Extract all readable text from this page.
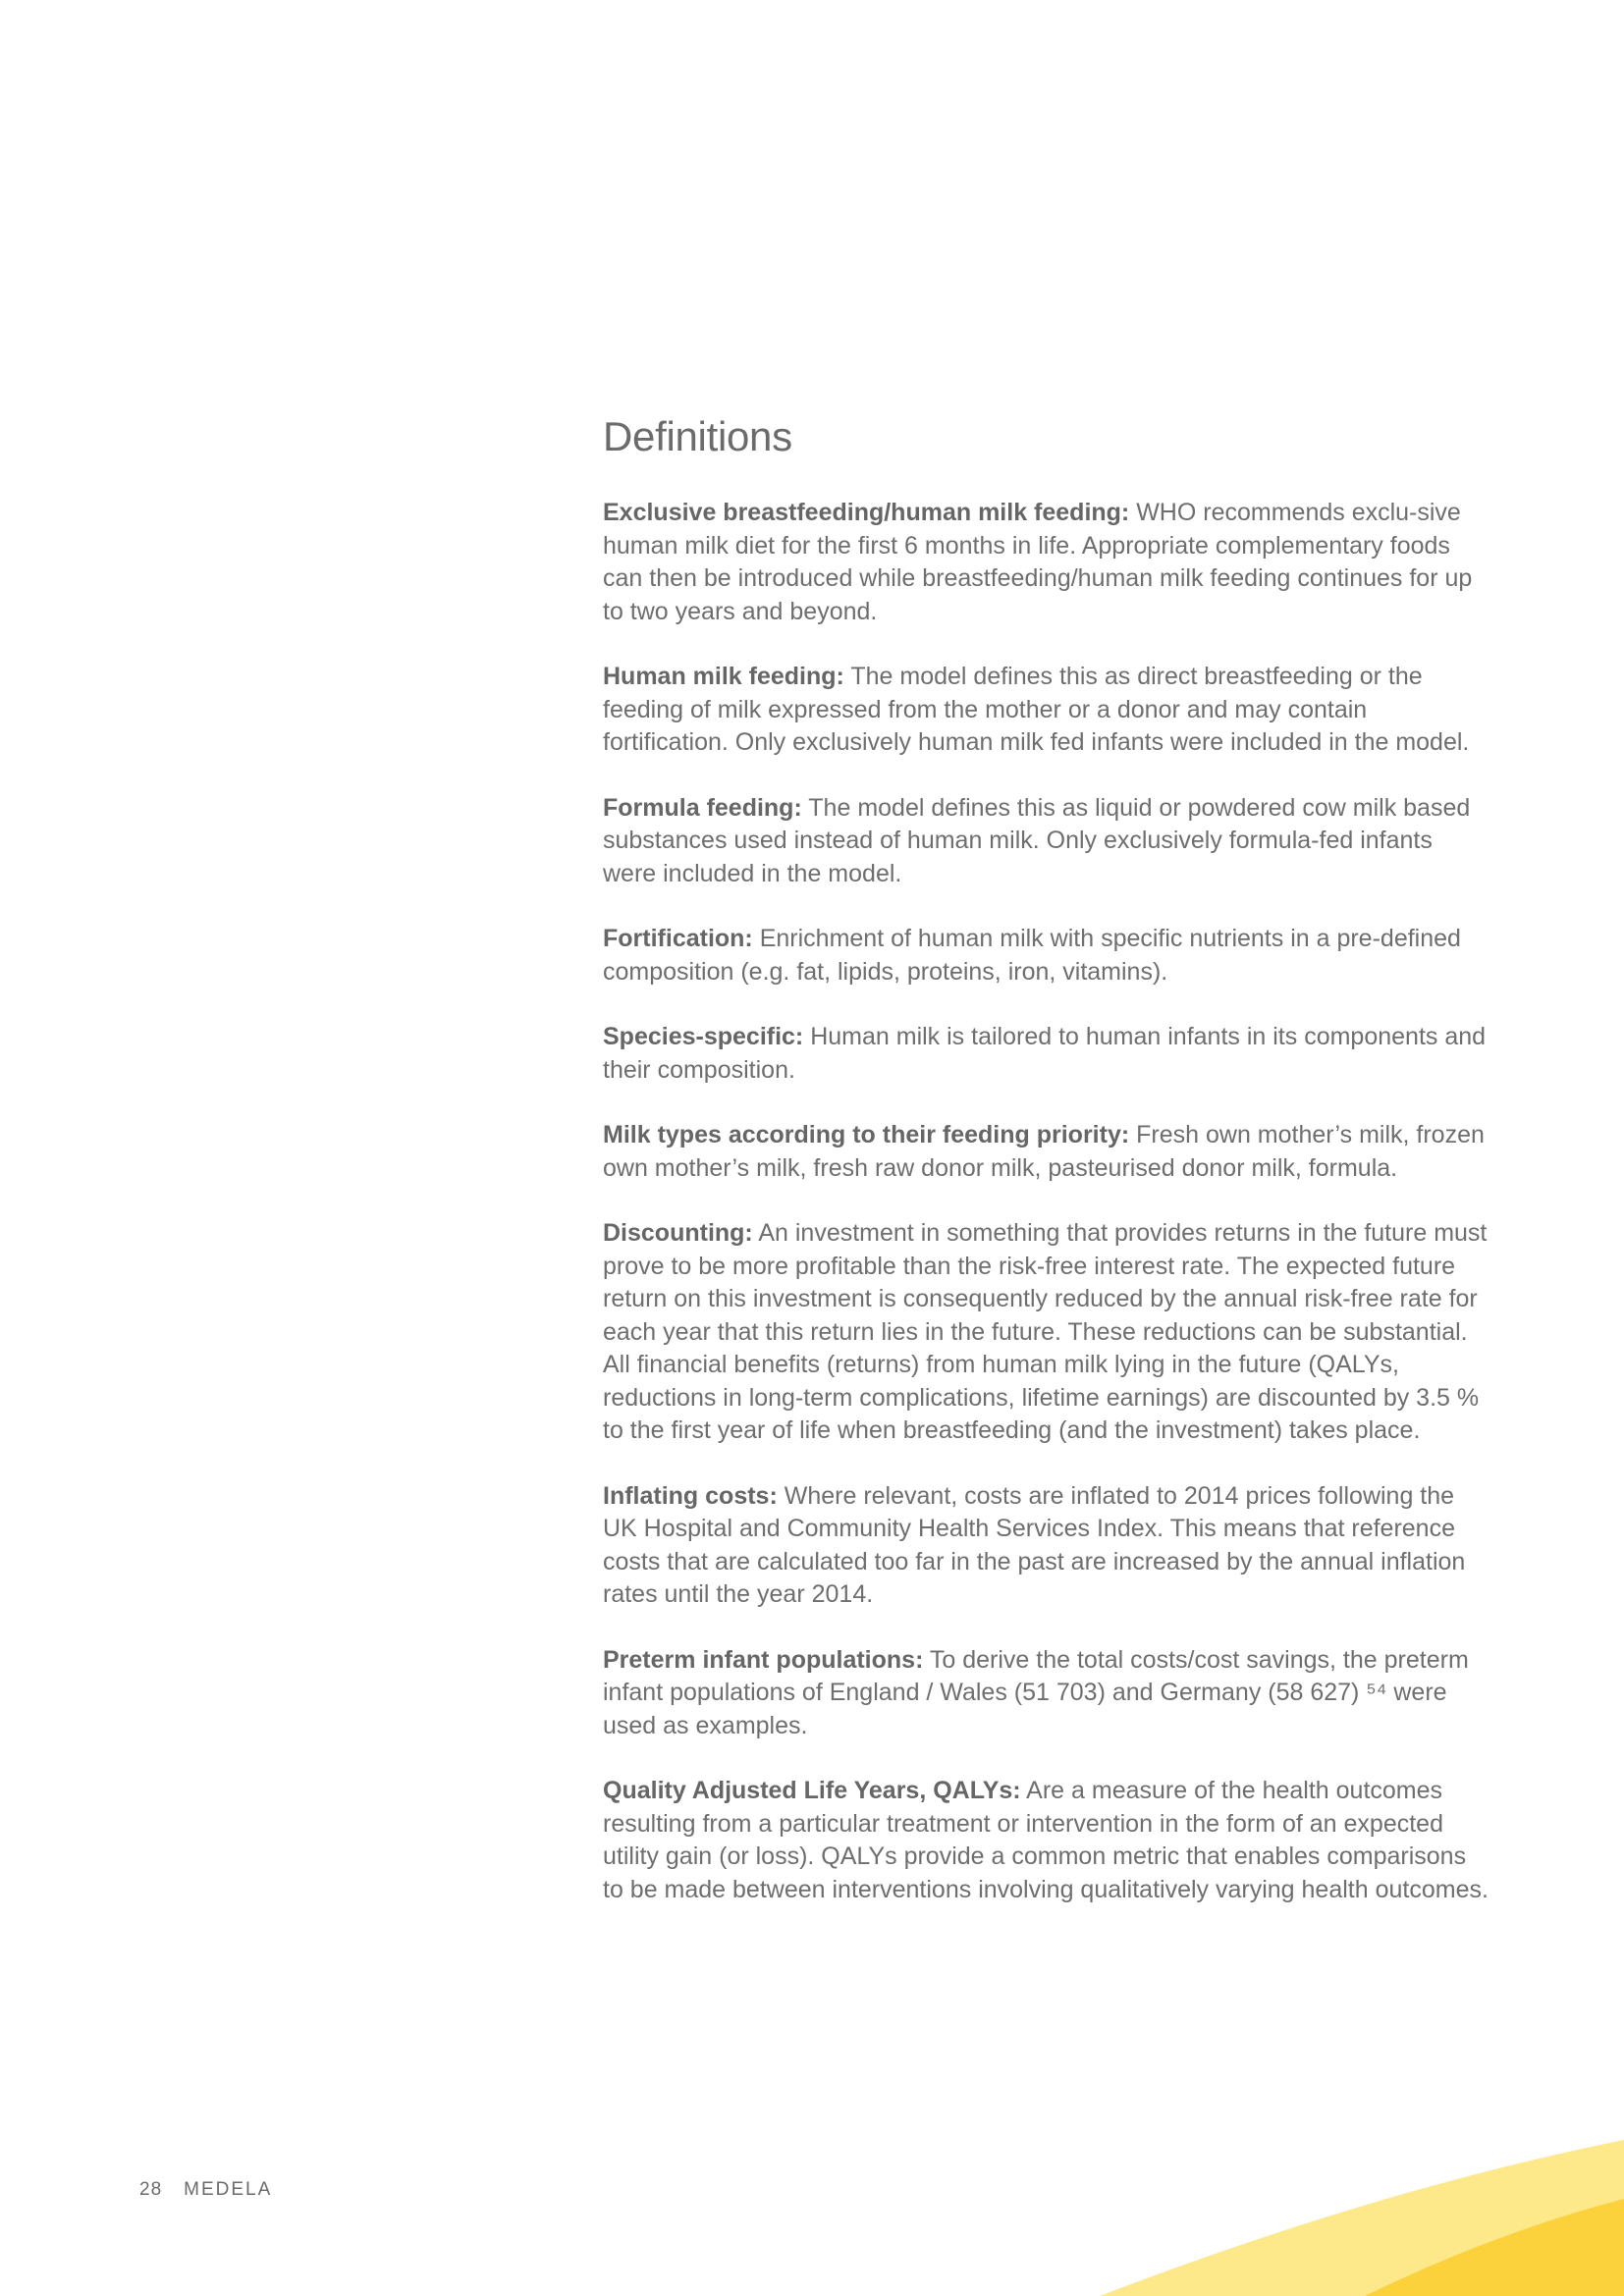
Definitions

Exclusive breastfeeding/human milk feeding: WHO recommends exclu-sive human milk diet for the first 6 months in life. Appropriate complementary foods can then be introduced while breastfeeding/human milk feeding continues for up to two years and beyond.

Human milk feeding: The model defines this as direct breastfeeding or the feeding of milk expressed from the mother or a donor and may contain fortification. Only exclusively human milk fed infants were included in the model.

Formula feeding: The model defines this as liquid or powdered cow milk based substances used instead of human milk. Only exclusively formula-fed infants were included in the model.

Fortification: Enrichment of human milk with specific nutrients in a pre-defined composition (e.g. fat, lipids, proteins, iron, vitamins).

Species-specific: Human milk is tailored to human infants in its components and their composition.

Milk types according to their feeding priority: Fresh own mother’s milk, frozen own mother’s milk, fresh raw donor milk, pasteurised donor milk, formula.

Discounting: An investment in something that provides returns in the future must prove to be more profitable than the risk-free interest rate. The expected future return on this investment is consequently reduced by the annual risk-free rate for each year that this return lies in the future. These reductions can be substantial. All financial benefits (returns) from human milk lying in the future (QALYs, reductions in long-term complications, lifetime earnings) are discounted by 3.5 % to the first year of life when breastfeeding (and the investment) takes place.

Inflating costs: Where relevant, costs are inflated to 2014 prices following the UK Hospital and Community Health Services Index. This means that reference costs that are calculated too far in the past are increased by the annual inflation rates until the year 2014.

Preterm infant populations: To derive the total costs/cost savings, the preterm infant populations of England / Wales (51 703) and Germany (58 627) ⁵⁴ were used as examples.

Quality Adjusted Life Years, QALYs: Are a measure of the health outcomes resulting from a particular treatment or intervention in the form of an expected utility gain (or loss). QALYs provide a common metric that enables comparisons to be made between interventions involving qualitatively varying health outcomes.

28 MEDELA
